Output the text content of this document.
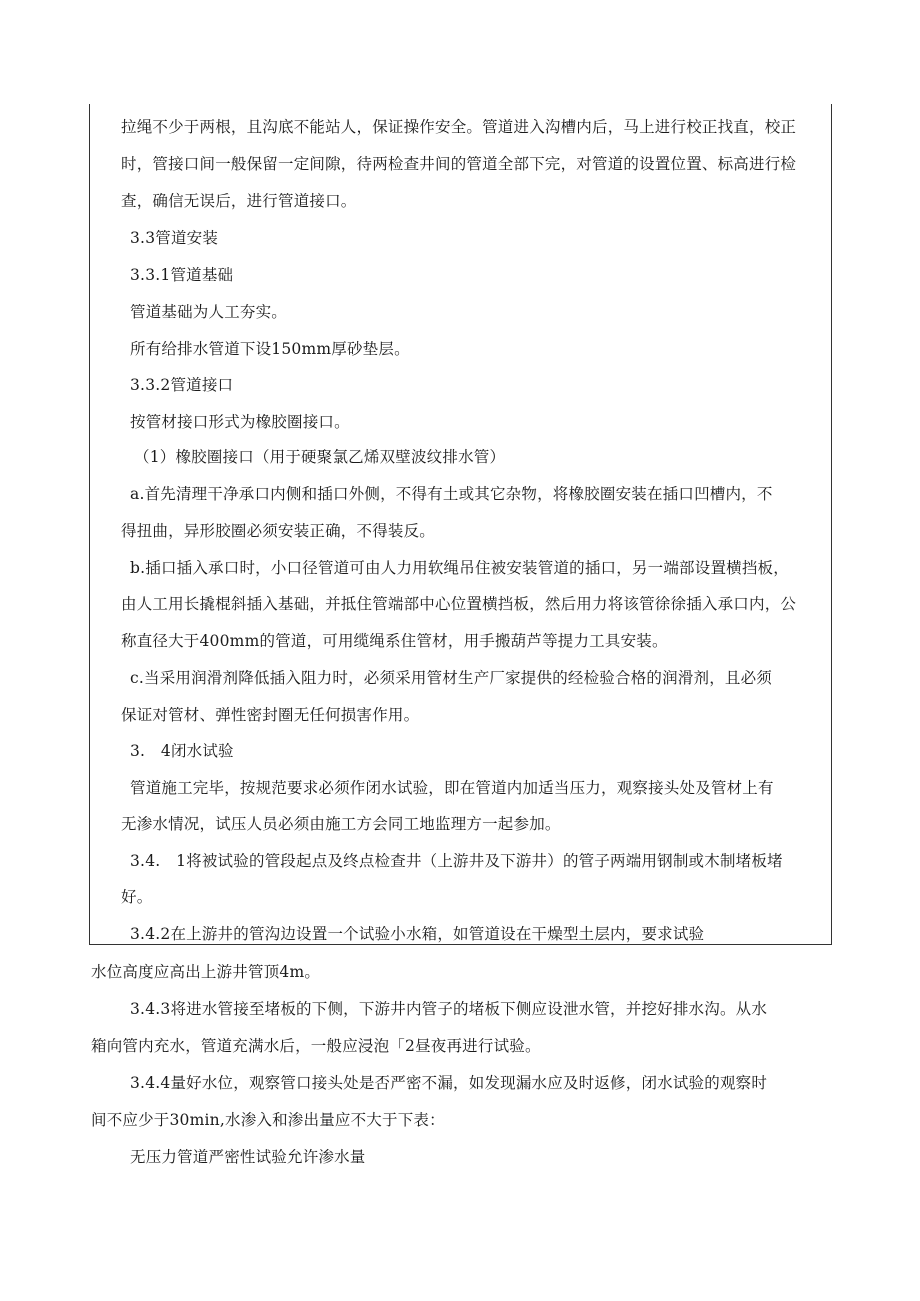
拉绳不少于两根，且沟底不能站人，保证操作安全。管道进入沟槽内后，马上进行校正找直，校正
时，管接口间一般保留一定间隙，待两检查井间的管道全部下完，对管道的设置位置、标高进行检
查，确信无误后，进行管道接口。
3.3管道安装
3.3.1管道基础
管道基础为人工夯实。
所有给排水管道下设150mm厚砂垫层。
3.3.2管道接口
按管材接口形式为橡胶圈接口。
（1）橡胶圈接口（用于硬聚氯乙烯双壁波纹排水管）
a.首先清理干净承口内侧和插口外侧，不得有土或其它杂物，将橡胶圈安装在插口凹槽内，不
得扭曲，异形胶圈必须安装正确，不得装反。
b.插口插入承口时，小口径管道可由人力用软绳吊住被安装管道的插口，另一端部设置横挡板，
由人工用长撬棍斜插入基础，并抵住管端部中心位置横挡板，然后用力将该管徐徐插入承口内，公
称直径大于400mm的管道，可用缆绳系住管材，用手搬葫芦等提力工具安装。
c.当采用润滑剂降低插入阻力时，必须采用管材生产厂家提供的经检验合格的润滑剂，且必须
保证对管材、弹性密封圈无任何损害作用。
3.　4闭水试验
管道施工完毕，按规范要求必须作闭水试验，即在管道内加适当压力，观察接头处及管材上有
无渗水情况，试压人员必须由施工方会同工地监理方一起参加。
3.4.　1将被试验的管段起点及终点检查井（上游井及下游井）的管子两端用钢制或木制堵板堵
好。
3.4.2在上游井的管沟边设置一个试验小水箱，如管道设在干燥型土层内，要求试验
水位高度应高出上游井管顶4m。
3.4.3将进水管接至堵板的下侧，下游井内管子的堵板下侧应设泄水管，并挖好排水沟。从水
箱向管内充水，管道充满水后，一般应浸泡「2昼夜再进行试验。
3.4.4量好水位，观察管口接头处是否严密不漏，如发现漏水应及时返修，闭水试验的观察时
间不应少于30min,水渗入和渗出量应不大于下表：
无压力管道严密性试验允许渗水量
